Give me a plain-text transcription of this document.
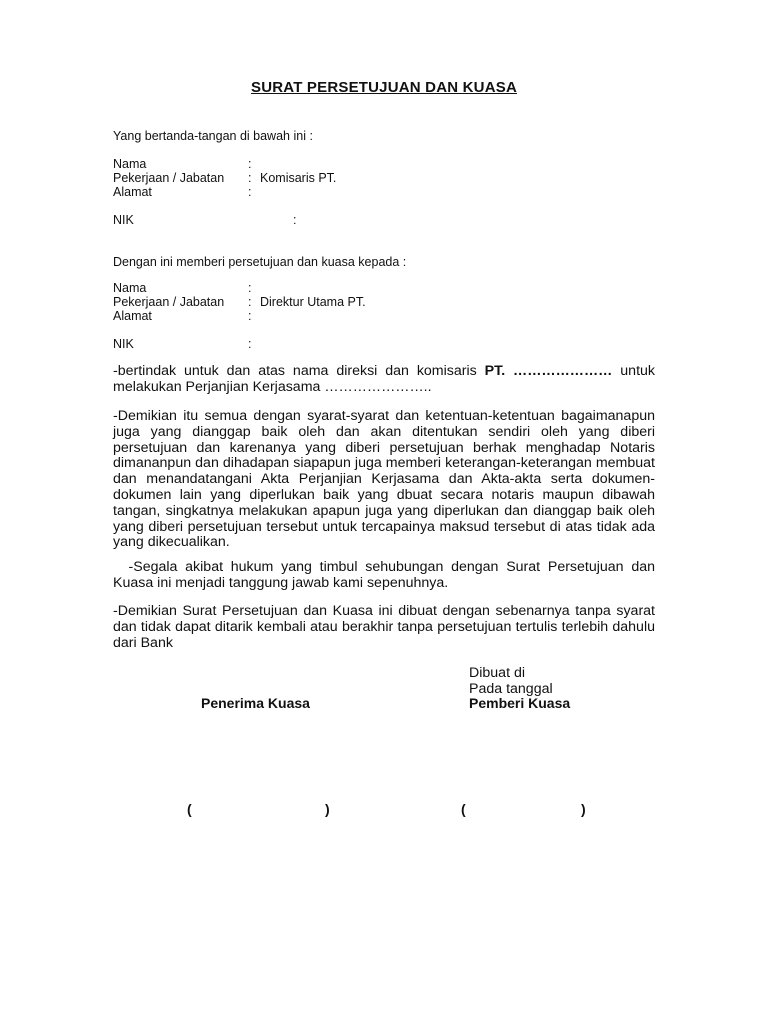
SURAT PERSETUJUAN DAN KUASA
Yang bertanda-tangan di bawah ini :
Nama	:
Pekerjaan / Jabatan : Komisaris PT.
Alamat	:
NIK	:
Dengan ini memberi persetujuan dan kuasa kepada :
Nama	:
Pekerjaan / Jabatan : Direktur Utama PT.
Alamat	:
NIK	:
-bertindak untuk dan atas nama direksi dan komisaris PT. ………………… untuk melakukan Perjanjian Kerjasama …………………..
-Demikian itu semua dengan syarat-syarat dan ketentuan-ketentuan bagaimanapun juga yang dianggap baik oleh dan akan ditentukan sendiri oleh yang diberi persetujuan dan karenanya yang diberi persetujuan berhak menghadap Notaris dimananpun dan dihadapan siapapun juga memberi keterangan-keterangan membuat dan menandatangani Akta Perjanjian Kerjasama dan Akta-akta serta dokumen-dokumen lain yang diperlukan baik yang dbuat secara notaris maupun dibawah tangan, singkatnya melakukan apapun juga yang diperlukan dan dianggap baik oleh yang diberi persetujuan tersebut untuk tercapainya maksud tersebut di atas tidak ada yang dikecualikan.
-Segala akibat hukum yang timbul sehubungan dengan Surat Persetujuan dan Kuasa ini menjadi tanggung jawab kami sepenuhnya.
-Demikian Surat Persetujuan dan Kuasa ini dibuat dengan sebenarnya tanpa syarat dan tidak dapat ditarik kembali atau berakhir tanpa persetujuan tertulis terlebih dahulu dari Bank
Dibuat di
Pada tanggal
Penerima Kuasa	Pemberi Kuasa
(	)	(	)
